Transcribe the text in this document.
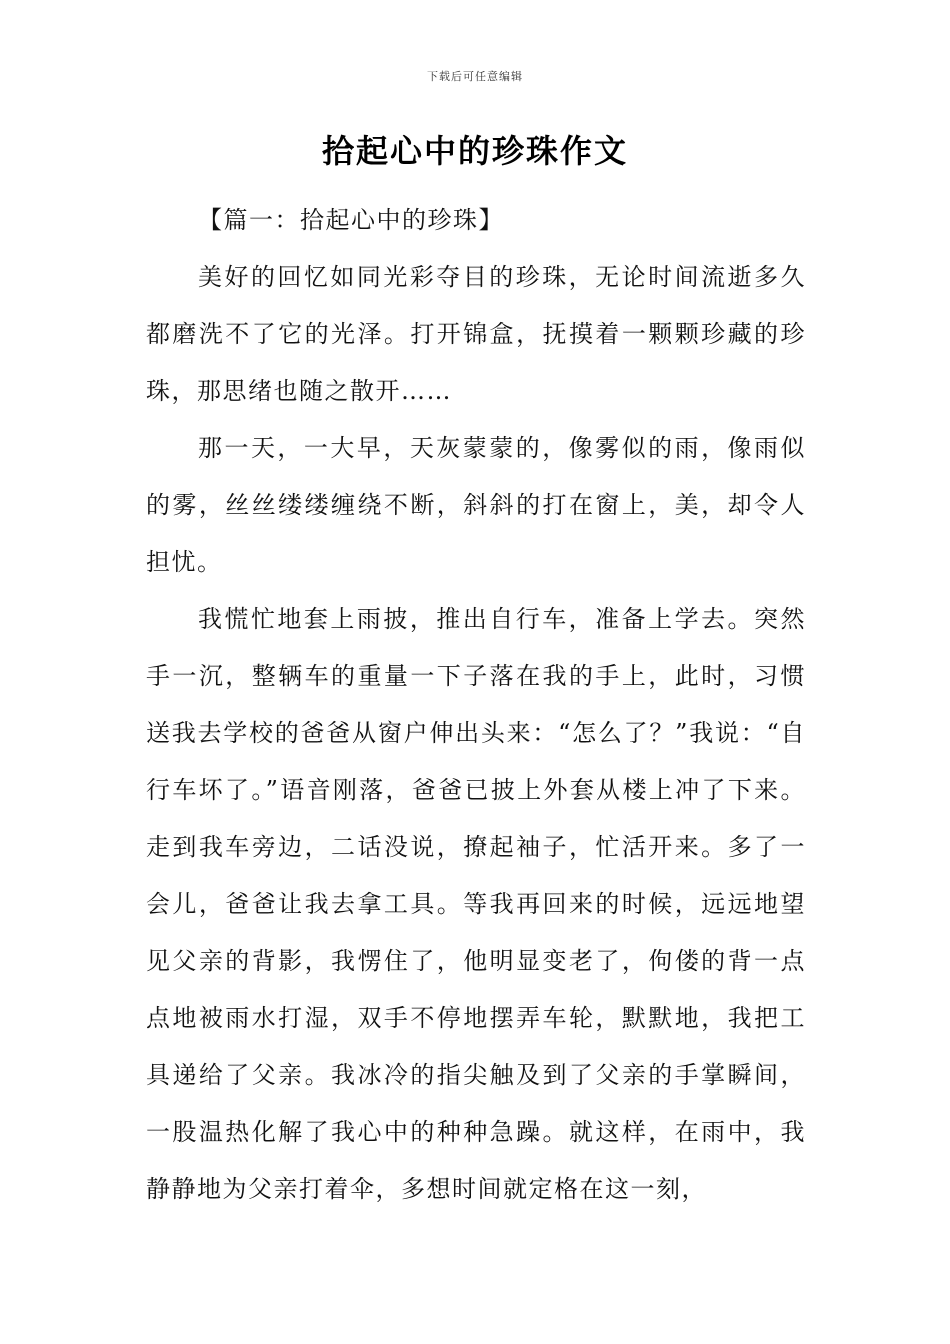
下载后可任意编辑
拾起心中的珍珠作文

【篇一：拾起心中的珍珠】

美好的回忆如同光彩夺目的珍珠，无论时间流逝多久都磨洗不了它的光泽。打开锦盒，抚摸着一颗颗珍藏的珍珠，那思绪也随之散开……

那一天，一大早，天灰蒙蒙的，像雾似的雨，像雨似的雾，丝丝缕缕缠绕不断，斜斜的打在窗上，美，却令人担忧。

我慌忙地套上雨披，推出自行车，准备上学去。突然手一沉，整辆车的重量一下子落在我的手上，此时，习惯送我去学校的爸爸从窗户伸出头来：“怎么了？”我说：“自行车坏了。”语音刚落，爸爸已披上外套从楼上冲了下来。走到我车旁边，二话没说，撩起袖子，忙活开来。多了一会儿，爸爸让我去拿工具。等我再回来的时候，远远地望见父亲的背影，我愣住了，他明显变老了，佝偻的背一点点地被雨水打湿，双手不停地摆弄车轮，默默地，我把工具递给了父亲。我冰冷的指尖触及到了父亲的手掌瞬间，一股温热化解了我心中的种种急躁。就这样，在雨中，我静静地为父亲打着伞，多想时间就定格在这一刻，
